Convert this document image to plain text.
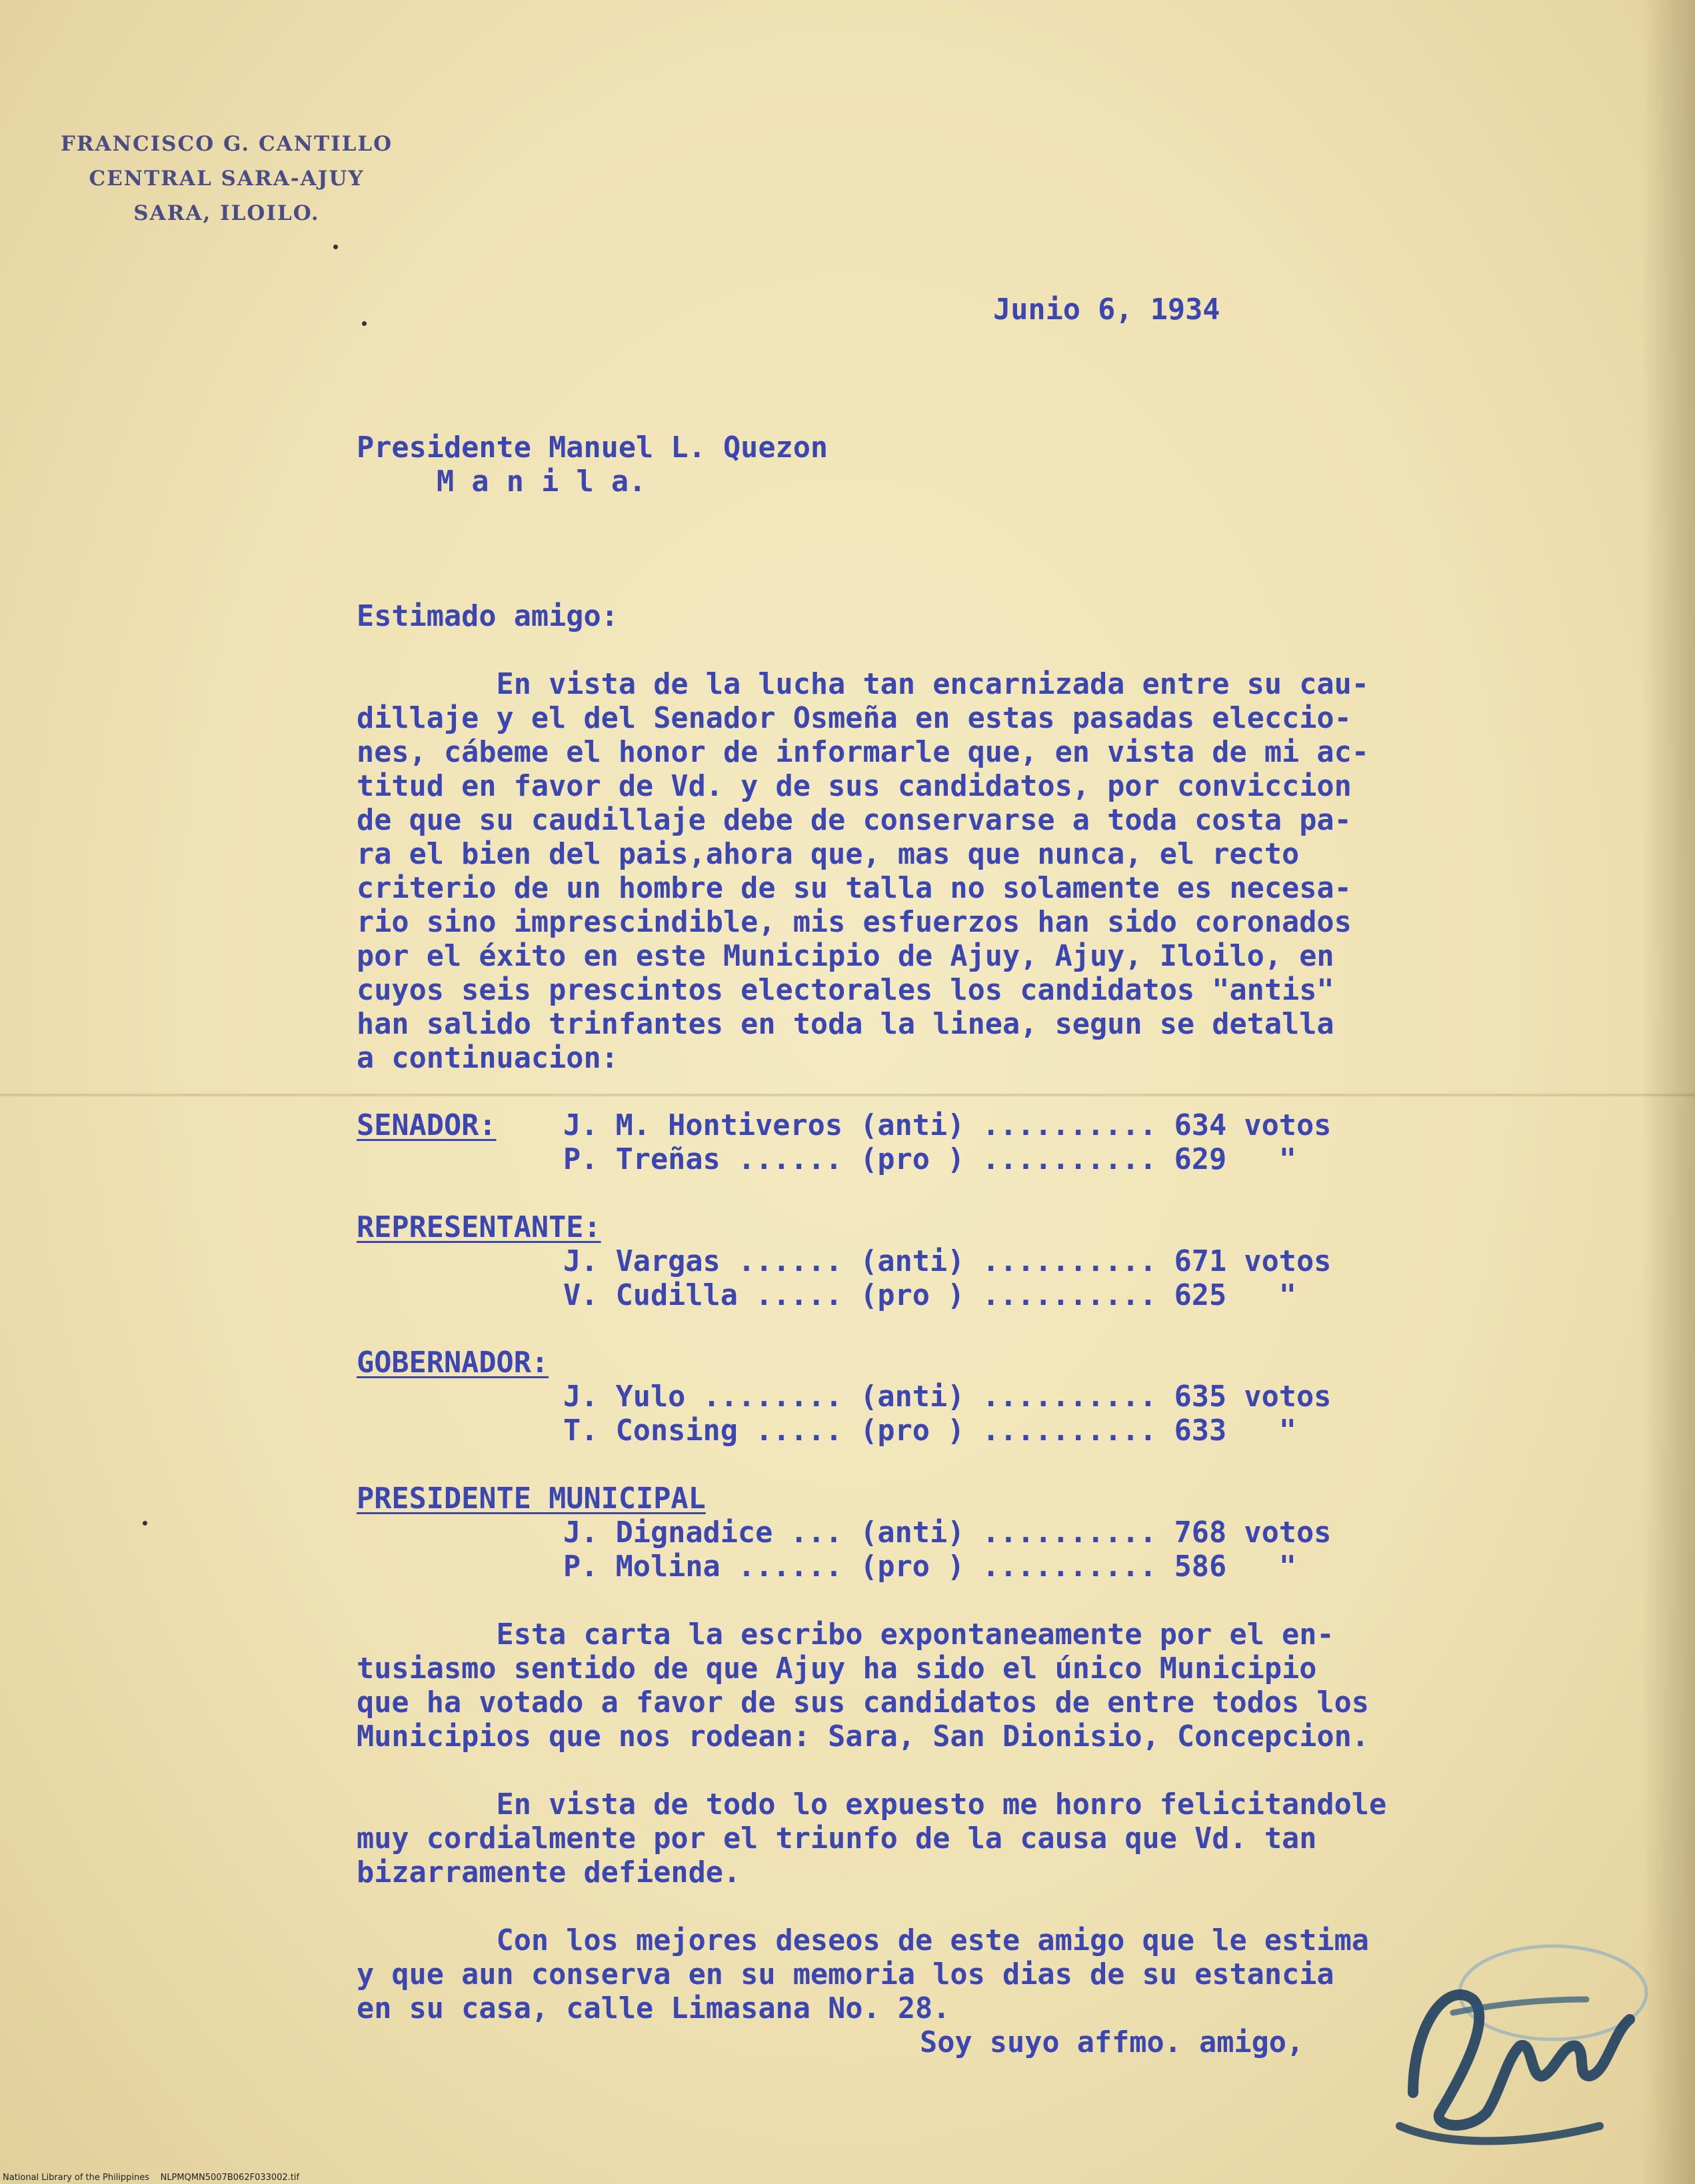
FRANCISCO G. CANTILLO
CENTRAL SARA-AJUY
SARA, ILOILO.
Junio 6, 1934
Presidente Manuel L. Quezon
M a n i l a.
Estimado amigo:
En vista de la lucha tan encarnizada entre su cau-
dillaje y el del Senador Osmeña en estas pasadas eleccio-
nes, cábeme el honor de informarle que, en vista de mi ac-
titud en favor de Vd. y de sus candidatos, por conviccion
de que su caudillaje debe de conservarse a toda costa pa-
ra el bien del pais,ahora que, mas que nunca, el recto
criterio de un hombre de su talla no solamente es necesa-
rio sino imprescindible, mis esfuerzos han sido coronados
por el éxito en este Municipio de Ajuy, Ajuy, Iloilo, en
cuyos seis prescintos electorales los candidatos "antis"
han salido trinfantes en toda la linea, segun se detalla
a continuacion:
SENADOR: J. M. Hontiveros (anti) .......... 634 votos
P. Treñas ...... (pro ) .......... 629   "
REPRESENTANTE:
J. Vargas ...... (anti) .......... 671 votos
V. Cudilla ..... (pro ) .......... 625   "
GOBERNADOR:
J. Yulo ........ (anti) .......... 635 votos
T. Consing ..... (pro ) .......... 633   "
PRESIDENTE MUNICIPAL
J. Dignadice ... (anti) .......... 768 votos
P. Molina ...... (pro ) .......... 586   "
Esta carta la escribo expontaneamente por el en-
tusiasmo sentido de que Ajuy ha sido el único Municipio
que ha votado a favor de sus candidatos de entre todos los
Municipios que nos rodean: Sara, San Dionisio, Concepcion.
En vista de todo lo expuesto me honro felicitandole
muy cordialmente por el triunfo de la causa que Vd. tan
bizarramente defiende.
Con los mejores deseos de este amigo que le estima
y que aun conserva en su memoria los dias de su estancia
en su casa, calle Limasana No. 28.
Soy suyo affmo. amigo,
National Library of the Philippines    NLPMQMN5007B062F033002.tif
